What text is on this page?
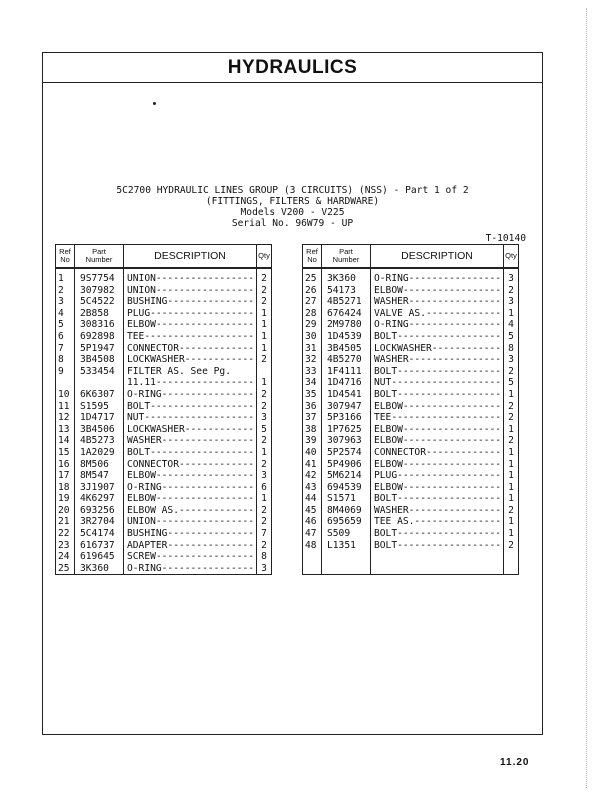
HYDRAULICS
5C2700 HYDRAULIC LINES GROUP (3 CIRCUITS) (NSS) - Part 1 of 2
(FITTINGS, FILTERS & HARDWARE)
Models V200 - V225
Serial No. 96W79 - UP
T-10140
Ref
No	Part
Number	DESCRIPTION	Qty
1	9S7754	UNION-----------------	2
2	307982	UNION-----------------	2
3	5C4522	BUSHING---------------	2
4	2B858	PLUG------------------	1
5	308316	ELBOW-----------------	1
6	692898	TEE-------------------	1
7	5P1947	CONNECTOR-------------	1
8	3B4508	LOCKWASHER------------	2
9	533454	FILTER AS. See Pg.	
		11.11-----------------	1
10	6K6307	O-RING----------------	2
11	S1595	BOLT------------------	2
12	1D4717	NUT-------------------	3
13	3B4506	LOCKWASHER------------	5
14	4B5273	WASHER----------------	2
15	1A2029	BOLT------------------	1
16	8M506	CONNECTOR-------------	2
17	8M547	ELBOW-----------------	3
18	3J1907	O-RING----------------	6
19	4K6297	ELBOW-----------------	1
20	693256	ELBOW AS.-------------	2
21	3R2704	UNION-----------------	2
22	5C4174	BUSHING---------------	7
23	616737	ADAPTER---------------	2
24	619645	SCREW-----------------	8
25	3K360	O-RING----------------	3
Ref
No	Part
Number	DESCRIPTION	Qty
25	3K360	O-RING----------------	3
26	54173	ELBOW-----------------	2
27	4B5271	WASHER----------------	3
28	676424	VALVE AS.-------------	1
29	2M9780	O-RING----------------	4
30	1D4539	BOLT------------------	5
31	3B4505	LOCKWASHER------------	8
32	4B5270	WASHER----------------	3
33	1F4111	BOLT------------------	2
34	1D4716	NUT-------------------	5
35	1D4541	BOLT------------------	1
36	307947	ELBOW-----------------	2
37	5P3166	TEE-------------------	2
38	1P7625	ELBOW-----------------	1
39	307963	ELBOW-----------------	2
40	5P2574	CONNECTOR-------------	1
41	5P4906	ELBOW-----------------	1
42	5M6214	PLUG------------------	1
43	694539	ELBOW-----------------	1
44	S1571	BOLT------------------	1
45	8M4069	WASHER----------------	2
46	695659	TEE AS.---------------	1
47	S509	BOLT------------------	1
48	L1351	BOLT------------------	2

11.20
